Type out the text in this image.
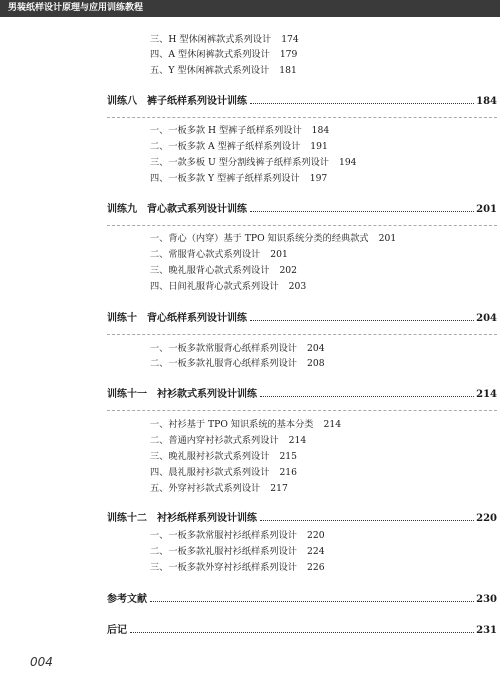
男装纸样设计原理与应用训练教程
三、H 型休闲裤款式系列设计 174
四、A 型休闲裤款式系列设计 179
五、Y 型休闲裤款式系列设计 181
训练八　裤子纸样系列设计训练	184
一、一板多款 H 型裤子纸样系列设计 184
二、一板多款 A 型裤子纸样系列设计 191
三、一款多板 U 型分割线裤子纸样系列设计 194
四、一板多款 Y 型裤子纸样系列设计 197
训练九　背心款式系列设计训练	201
一、背心（内穿）基于 TPO 知识系统分类的经典款式 201
二、常服背心款式系列设计 201
三、晚礼服背心款式系列设计 202
四、日间礼服背心款式系列设计 203
训练十　背心纸样系列设计训练	204
一、一板多款常服背心纸样系列设计 204
二、一板多款礼服背心纸样系列设计 208
训练十一　衬衫款式系列设计训练	214
一、衬衫基于 TPO 知识系统的基本分类 214
二、普通内穿衬衫款式系列设计 214
三、晚礼服衬衫款式系列设计 215
四、晨礼服衬衫款式系列设计 216
五、外穿衬衫款式系列设计 217
训练十二　衬衫纸样系列设计训练	220
一、一板多款常服衬衫纸样系列设计 220
二、一板多款礼服衬衫纸样系列设计 224
三、一板多款外穿衬衫纸样系列设计 226
参考文献	230
后记	231
004
